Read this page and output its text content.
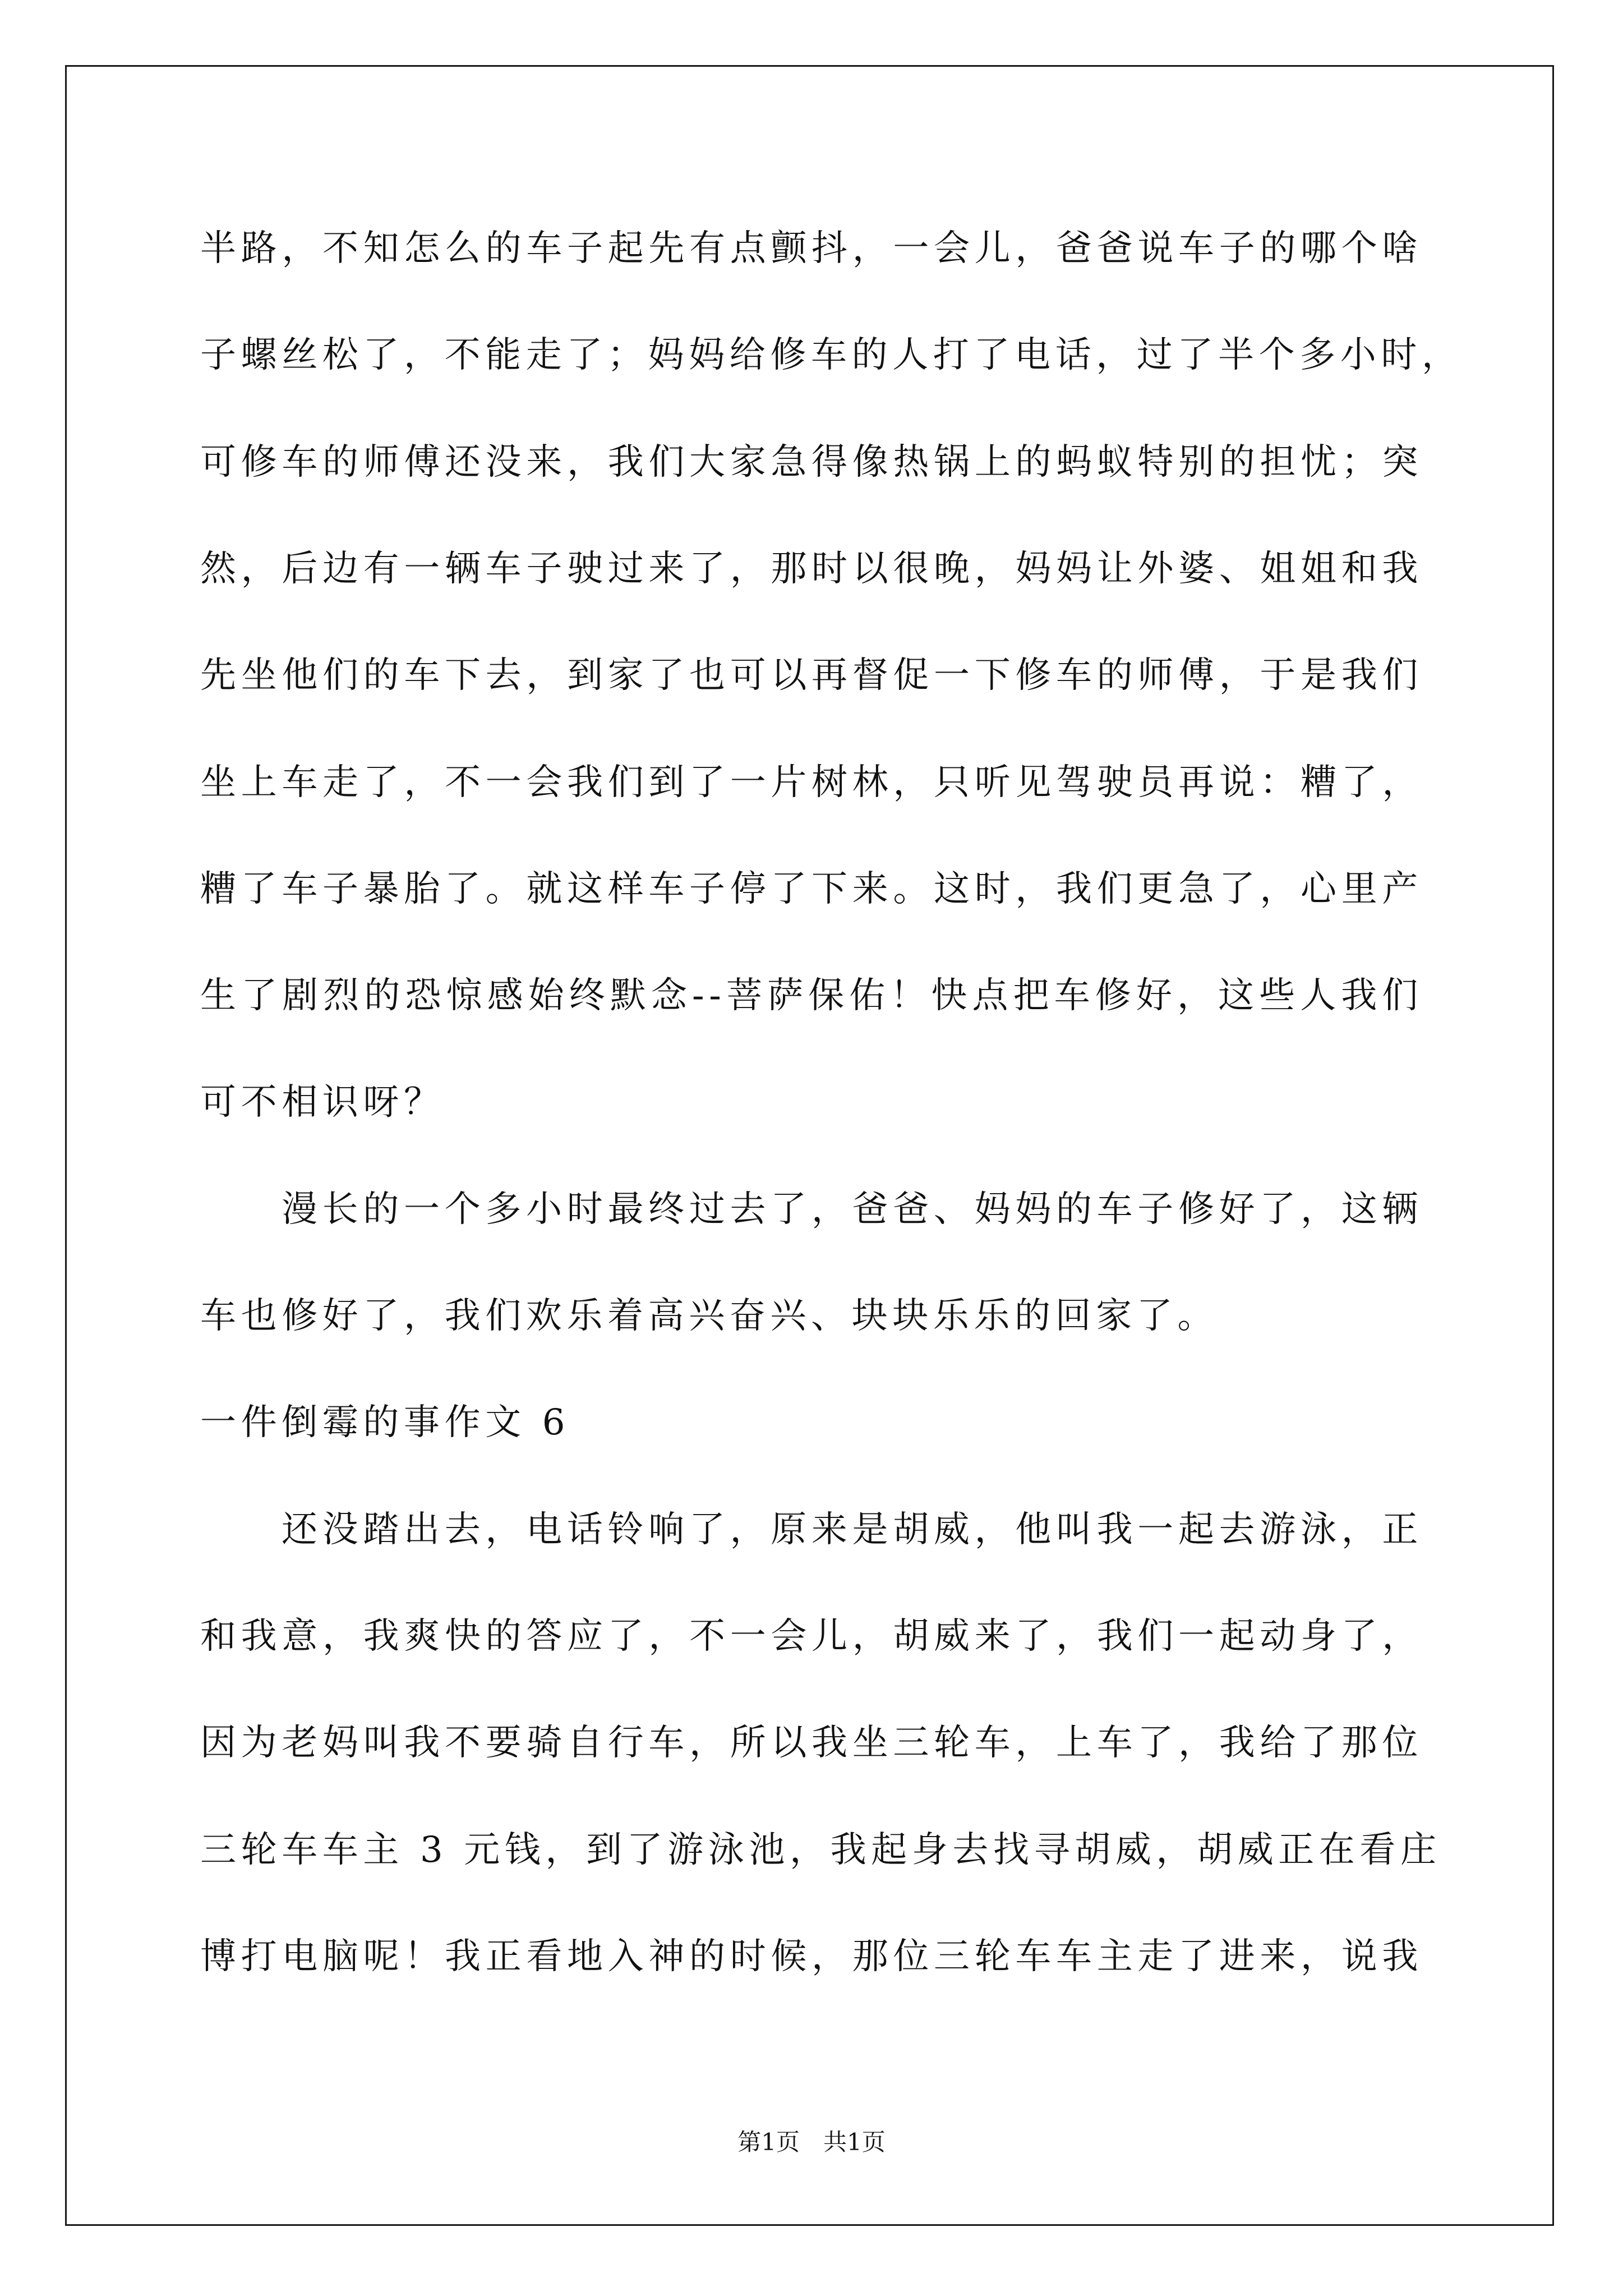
半路，不知怎么的车子起先有点颤抖，一会儿，爸爸说车子的哪个啥
子螺丝松了，不能走了；妈妈给修车的人打了电话，过了半个多小时，
可修车的师傅还没来，我们大家急得像热锅上的蚂蚁特别的担忧；突
然，后边有一辆车子驶过来了，那时以很晚，妈妈让外婆、姐姐和我
先坐他们的车下去，到家了也可以再督促一下修车的师傅，于是我们
坐上车走了，不一会我们到了一片树林，只听见驾驶员再说：糟了，
糟了车子暴胎了。就这样车子停了下来。这时，我们更急了，心里产
生了剧烈的恐惊感始终默念--菩萨保佑！快点把车修好，这些人我们
可不相识呀？
漫长的一个多小时最终过去了，爸爸、妈妈的车子修好了，这辆
车也修好了，我们欢乐着高兴奋兴、块块乐乐的回家了。
一件倒霉的事作文 6
还没踏出去，电话铃响了，原来是胡威，他叫我一起去游泳，正
和我意，我爽快的答应了，不一会儿，胡威来了，我们一起动身了，
因为老妈叫我不要骑自行车，所以我坐三轮车，上车了，我给了那位
三轮车车主 3 元钱，到了游泳池，我起身去找寻胡威，胡威正在看庄
博打电脑呢！我正看地入神的时候，那位三轮车车主走了进来，说我
第1页　共1页
